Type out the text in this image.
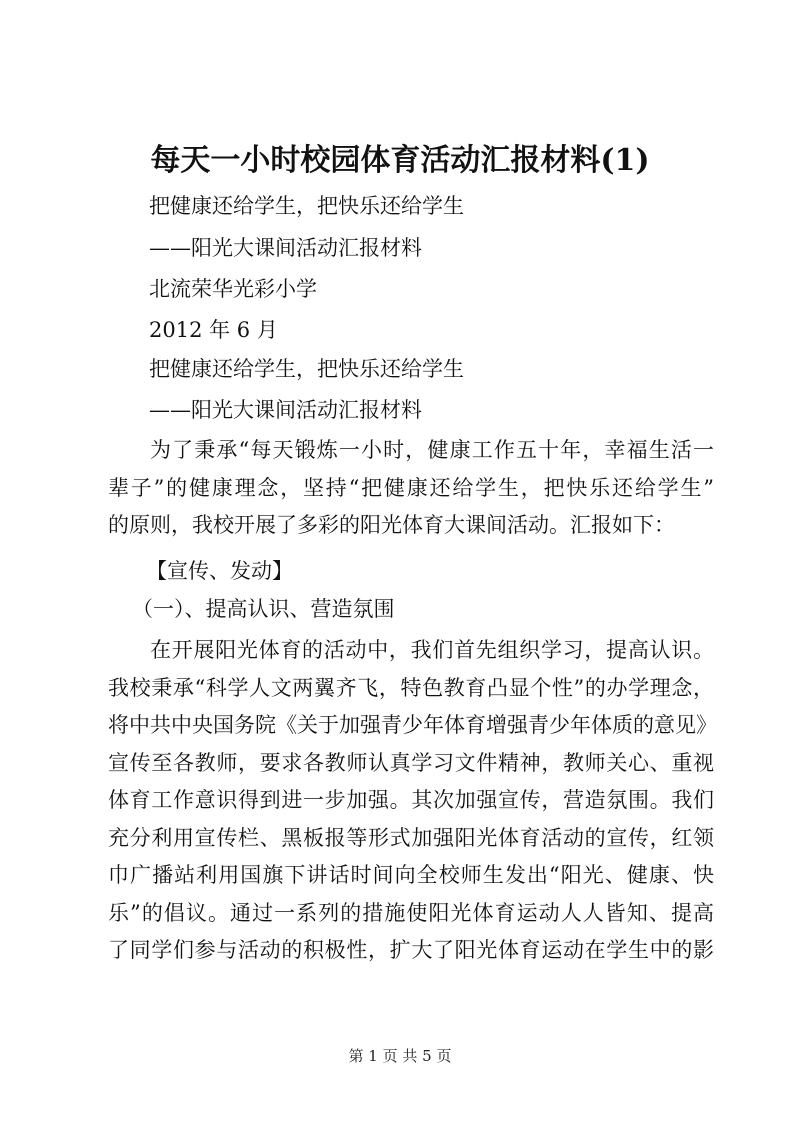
每天一小时校园体育活动汇报材料(1)
把健康还给学生，把快乐还给学生
——阳光大课间活动汇报材料
北流荣华光彩小学
2012 年 6 月
把健康还给学生，把快乐还给学生
——阳光大课间活动汇报材料
为了秉承“每天锻炼一小时，健康工作五十年，幸福生活一
辈子”的健康理念，坚持“把健康还给学生，把快乐还给学生”
的原则，我校开展了多彩的阳光体育大课间活动。汇报如下：
【宣传、发动】
（一）、提高认识、营造氛围
在开展阳光体育的活动中，我们首先组织学习，提高认识。
我校秉承“科学人文两翼齐飞，特色教育凸显个性”的办学理念，
将中共中央国务院《关于加强青少年体育增强青少年体质的意见》
宣传至各教师，要求各教师认真学习文件精神，教师关心、重视
体育工作意识得到进一步加强。其次加强宣传，营造氛围。我们
充分利用宣传栏、黑板报等形式加强阳光体育活动的宣传，红领
巾广播站利用国旗下讲话时间向全校师生发出“阳光、健康、快
乐”的倡议。通过一系列的措施使阳光体育运动人人皆知、提高
了同学们参与活动的积极性，扩大了阳光体育运动在学生中的影
第 1 页 共 5 页
